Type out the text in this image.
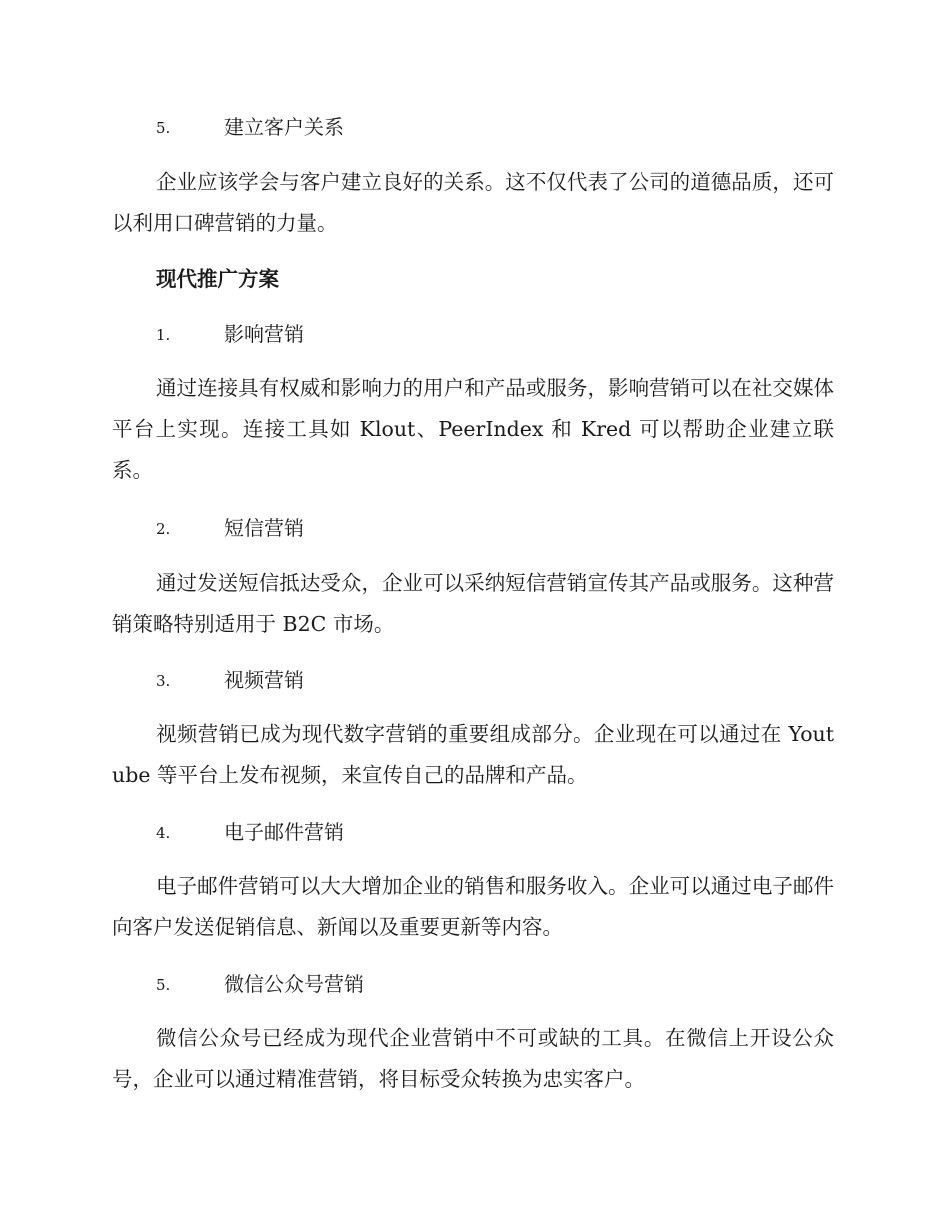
5.	建立客户关系

企业应该学会与客户建立良好的关系。这不仅代表了公司的道德品质，还可以利用口碑营销的力量。

现代推广方案
1.	影响营销

通过连接具有权威和影响力的用户和产品或服务，影响营销可以在社交媒体平台上实现。连接工具如 Klout、PeerIndex 和 Kred 可以帮助企业建立联系。

2.	短信营销

通过发送短信抵达受众，企业可以采纳短信营销宣传其产品或服务。这种营销策略特别适用于 B2C 市场。

3.	视频营销

视频营销已成为现代数字营销的重要组成部分。企业现在可以通过在 Youtube 等平台上发布视频，来宣传自己的品牌和产品。

4.	电子邮件营销

电子邮件营销可以大大增加企业的销售和服务收入。企业可以通过电子邮件向客户发送促销信息、新闻以及重要更新等内容。

5.	微信公众号营销

微信公众号已经成为现代企业营销中不可或缺的工具。在微信上开设公众号，企业可以通过精准营销，将目标受众转换为忠实客户。
